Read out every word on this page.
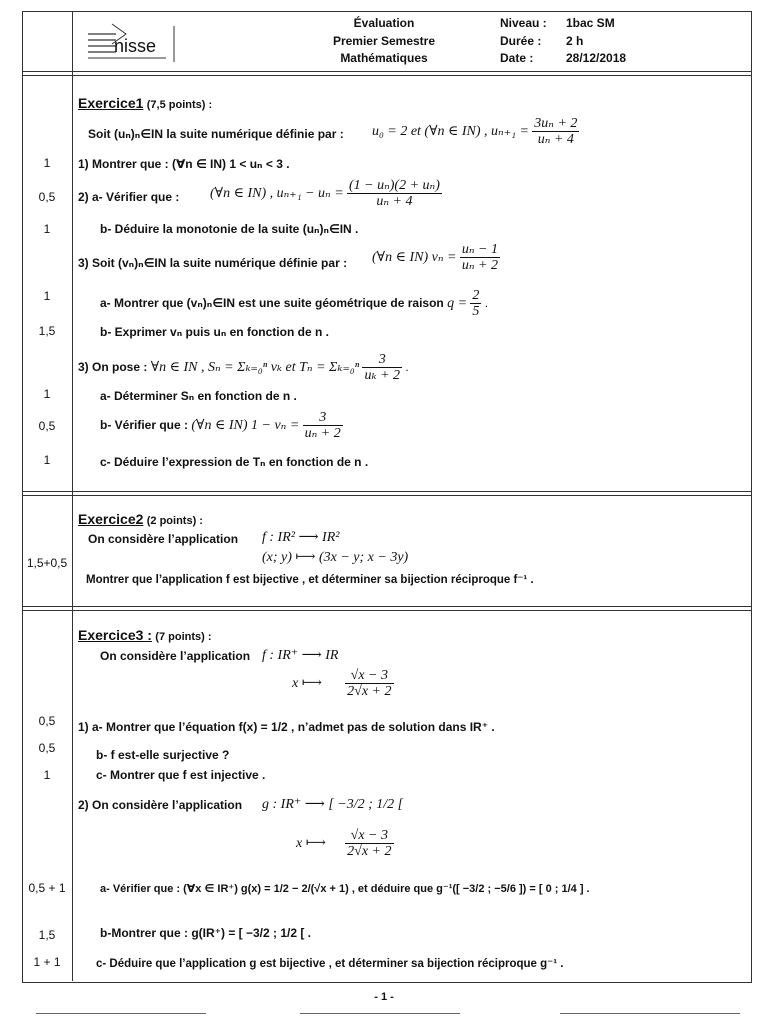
nisse
Évaluation
Premier Semestre
Mathématiques
Niveau : 1bac SM
Durée : 2 h
Date :	28/12/2018
1
0,5
1
1
1,5
1
0,5
1
1,5+0,5
0,5
0,5
1
0,5 + 1
1,5
1 + 1
Exercice1 (7,5 points) :
Soit (uₙ)ₙ∈IN la suite numérique définie par : u₀ = 2 et (∀n ∈ IN) , $u_{n+1} = \frac{\text{3uₙ + 2}}{\text{uₙ + 4}}$
1) Montrer que : (∀n ∈ IN) 1 < uₙ < 3 .
2) a- Vérifier que : (∀n ∈ IN) , $u_{n+1} - u_n = \frac{\text{(1 − uₙ)(2 + uₙ)}}{\text{uₙ + 4}}$
b- Déduire la monotonie de la suite (uₙ)ₙ∈IN .
3) Soit (vₙ)ₙ∈IN la suite numérique définie par : (∀n ∈ IN) $v_n = \frac{\text{uₙ − 1}}{\text{uₙ + 2}}$
a- Montrer que (vₙ)ₙ∈IN est une suite géométrique de raison $q = \frac{2}{5}$ .
b- Exprimer vₙ puis uₙ en fonction de n .
3) On pose : ∀n ∈ IN , Sₙ = Σₖ₌₀ⁿ vₖ et $T_n = \Sigma_{k=0}^n \frac{3}{\text{uₖ + 2}}$ .
a- Déterminer Sₙ en fonction de n .
b- Vérifier que : (∀n ∈ IN) $1 - v_n = \frac{3}{\text{uₙ + 2}}$
c- Déduire l’expression de Tₙ en fonction de n .
Exercice2 (2 points) :
On considère l’application f : IR² ⟶ IR²
(x; y) ⟼ (3x − y; x − 3y)
Montrer que l’application f est bijective , et déterminer sa bijection réciproque f⁻¹ .
Exercice3 : (7 points) :
On considère l’application f : IR⁺ ⟶ IR
x ⟼ $\frac{√x - 3}{2√x + 2}$
1) a- Montrer que l’équation f(x) = 1/2 , n’admet pas de solution dans IR⁺ .
b- f est-elle surjective ?
c- Montrer que f est injective .
2) On considère l’application g : IR⁺ ⟶ [ −3/2 ; 1/2 [
x ⟼ $\frac{√x - 3}{2√x + 2}$
a- Vérifier que : (∀x ∈ IR⁺) g(x) = 1/2 − 2/(√x + 1) , et déduire que g⁻¹([ −3/2 ; −5/6 ]) = [ 0 ; 1/4 ] .
b-Montrer que : g(IR⁺) = [ −3/2 ; 1/2 [ .
c- Déduire que l’application g est bijective , et déterminer sa bijection réciproque g⁻¹ .
- 1 -
